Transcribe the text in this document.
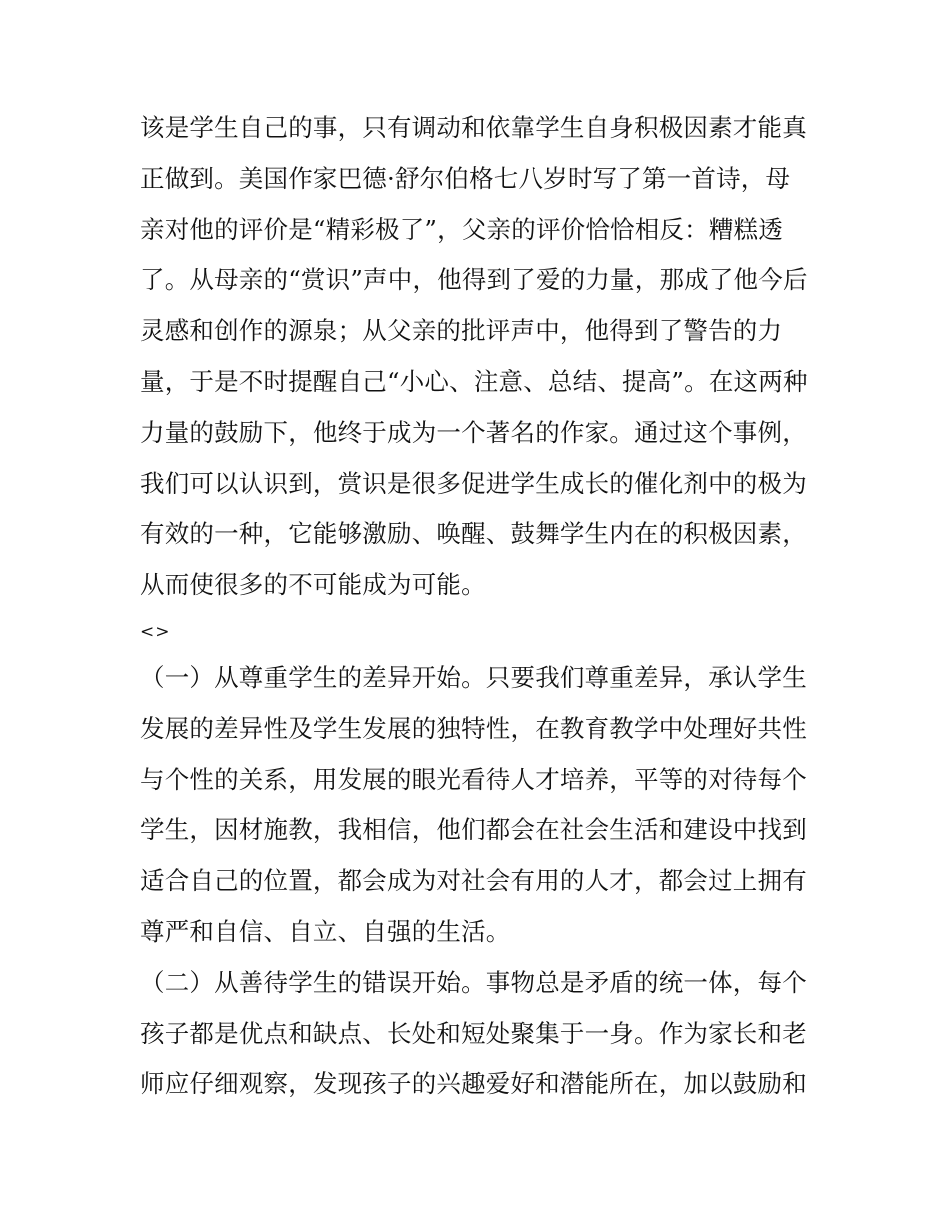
该是学生自己的事，只有调动和依靠学生自身积极因素才能真
正做到。美国作家巴德·舒尔伯格七八岁时写了第一首诗，母
亲对他的评价是“精彩极了”，父亲的评价恰恰相反：糟糕透
了。从母亲的“赏识”声中，他得到了爱的力量，那成了他今后
灵感和创作的源泉；从父亲的批评声中，他得到了警告的力
量，于是不时提醒自己“小心、注意、总结、提高”。在这两种
力量的鼓励下，他终于成为一个著名的作家。通过这个事例，
我们可以认识到，赏识是很多促进学生成长的催化剂中的极为
有效的一种，它能够激励、唤醒、鼓舞学生内在的积极因素，
从而使很多的不可能成为可能。
<>
（一）从尊重学生的差异开始。只要我们尊重差异，承认学生
发展的差异性及学生发展的独特性，在教育教学中处理好共性
与个性的关系，用发展的眼光看待人才培养，平等的对待每个
学生，因材施教，我相信，他们都会在社会生活和建设中找到
适合自己的位置，都会成为对社会有用的人才，都会过上拥有
尊严和自信、自立、自强的生活。
（二）从善待学生的错误开始。事物总是矛盾的统一体，每个
孩子都是优点和缺点、长处和短处聚集于一身。作为家长和老
师应仔细观察，发现孩子的兴趣爱好和潜能所在，加以鼓励和
